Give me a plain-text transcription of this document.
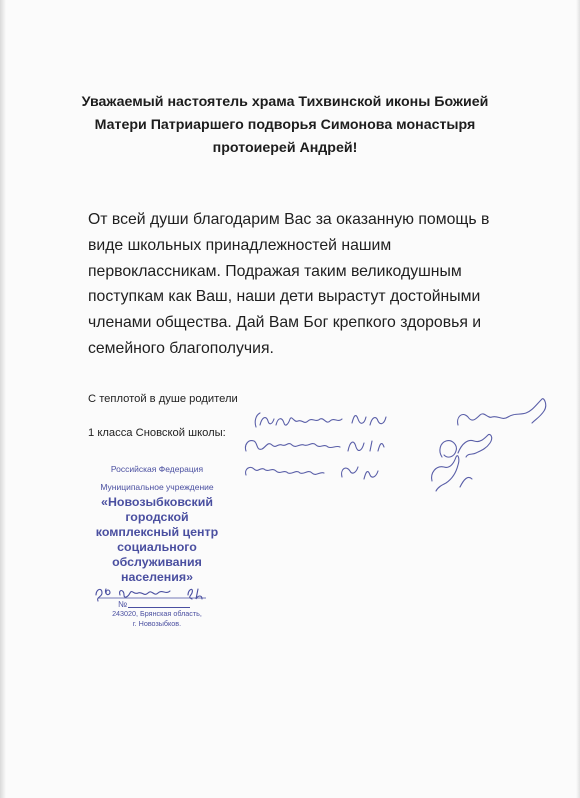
Уважаемый настоятель храма Тихвинской иконы Божией
Матери Патриаршего подворья Симонова монастыря
протоиерей Андрей!
От всей души благодарим Вас за оказанную помощь в
виде школьных принадлежностей нашим
первоклассникам. Подражая таким великодушным
поступкам как Ваш, наши дети вырастут достойными
членами общества. Дай Вам Бог крепкого здоровья и
семейного благополучия.
С теплотой в душе родители
1 класса Сновской школы:
Российская Федерация
Муниципальное учреждение
«Новозыбковский
городской
комплексный центр
социального
обслуживания
населения»
243020, Брянская область,
г. Новозыбков.
№
